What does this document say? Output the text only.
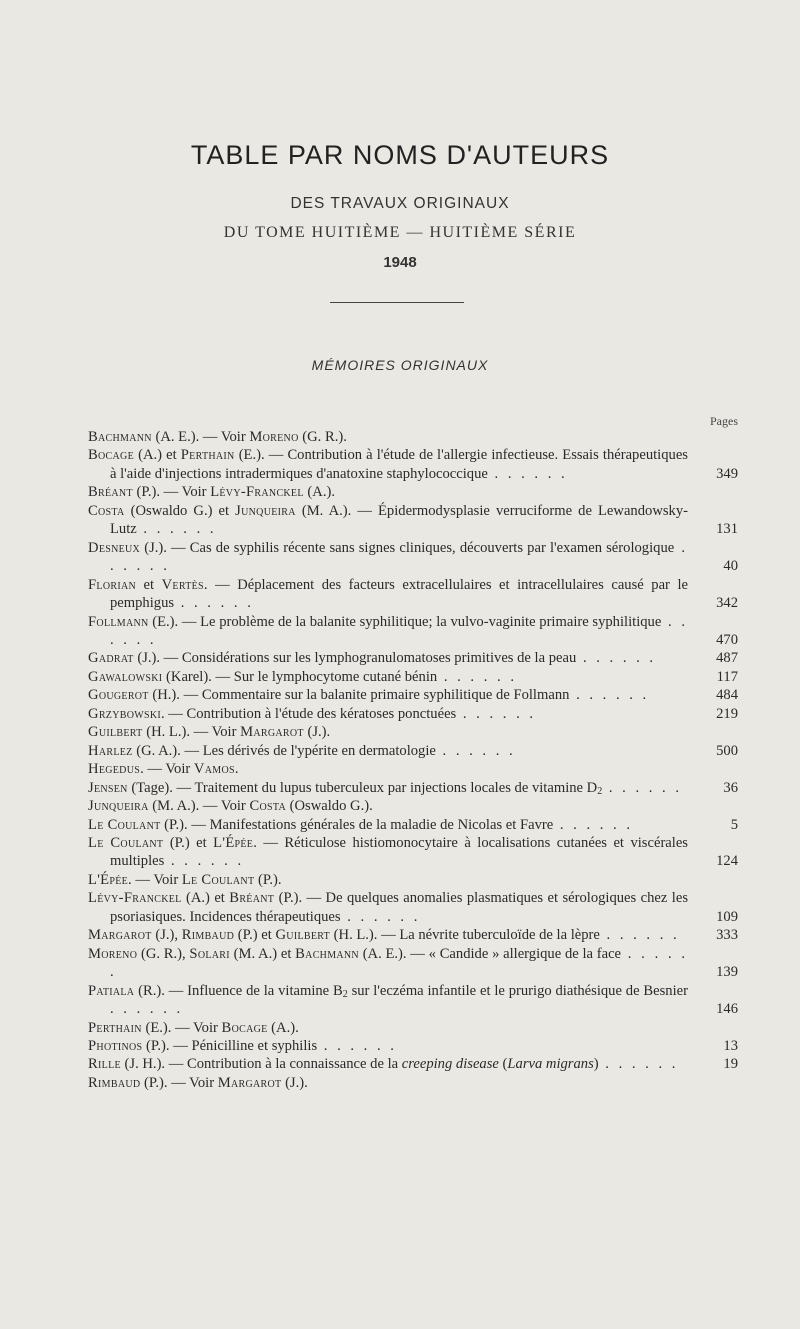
TABLE PAR NOMS D'AUTEURS
DES TRAVAUX ORIGINAUX
DU TOME HUITIÈME — HUITIÈME SÉRIE
1948
MÉMOIRES ORIGINAUX
Pages
Bachmann (A. E.). — Voir Moreno (G. R.).
Bocage (A.) et Perthain (E.). — Contribution à l'étude de l'allergie infectieuse. Essais thérapeutiques à l'aide d'injections intradermiques d'anatoxine staphylococcique . . . . . .	349
Bréant (P.). — Voir Lévy-Franckel (A.).
Costa (Oswaldo G.) et Junqueira (M. A.). — Épidermodysplasie verruciforme de Lewandowsky-Lutz . . . . . .	131
Desneux (J.). — Cas de syphilis récente sans signes cliniques, découverts par l'examen sérologique . . . . . .	40
Florian et Vertès. — Déplacement des facteurs extracellulaires et intracellulaires causé par le pemphigus . . . . . .	342
Follmann (E.). — Le problème de la balanite syphilitique; la vulvo-vaginite primaire syphilitique . . . . . .	470
Gadrat (J.). — Considérations sur les lymphogranulomatoses primitives de la peau . . . . . .	487
Gawalowski (Karel). — Sur le lymphocytome cutané bénin . . . . . .	117
Gougerot (H.). — Commentaire sur la balanite primaire syphilitique de Follmann . . . . . .	484
Grzybowski. — Contribution à l'étude des kératoses ponctuées . . . . . .	219
Guilbert (H. L.). — Voir Margarot (J.).
Harlez (G. A.). — Les dérivés de l'ypérite en dermatologie . . . . . .	500
Hegedus. — Voir Vamos.
Jensen (Tage). — Traitement du lupus tuberculeux par injections locales de vitamine $D_2$ . . . . . .	36
Junqueira (M. A.). — Voir Costa (Oswaldo G.).
Le Coulant (P.). — Manifestations générales de la maladie de Nicolas et Favre . . . . . .	5
Le Coulant (P.) et L'Épée. — Réticulose histiomonocytaire à localisations cutanées et viscérales multiples . . . . . .	124
L'Épée. — Voir Le Coulant (P.).
Lévy-Franckel (A.) et Bréant (P.). — De quelques anomalies plasmatiques et sérologiques chez les psoriasiques. Incidences thérapeutiques . . . . . .	109
Margarot (J.), Rimbaud (P.) et Guilbert (H. L.). — La névrite tuberculoïde de la lèpre . . . . . .	333
Moreno (G. R.), Solari (M. A.) et Bachmann (A. E.). — « Candide » allergique de la face . . . . . .	139
Patiala (R.). — Influence de la vitamine $B_2$ sur l'eczéma infantile et le prurigo diathésique de Besnier . . . . . .	146
Perthain (E.). — Voir Bocage (A.).
Photinos (P.). — Pénicilline et syphilis . . . . . .	13
Rille (J. H.). — Contribution à la connaissance de la creeping disease (Larva migrans) . . . . . .	19
Rimbaud (P.). — Voir Margarot (J.).
